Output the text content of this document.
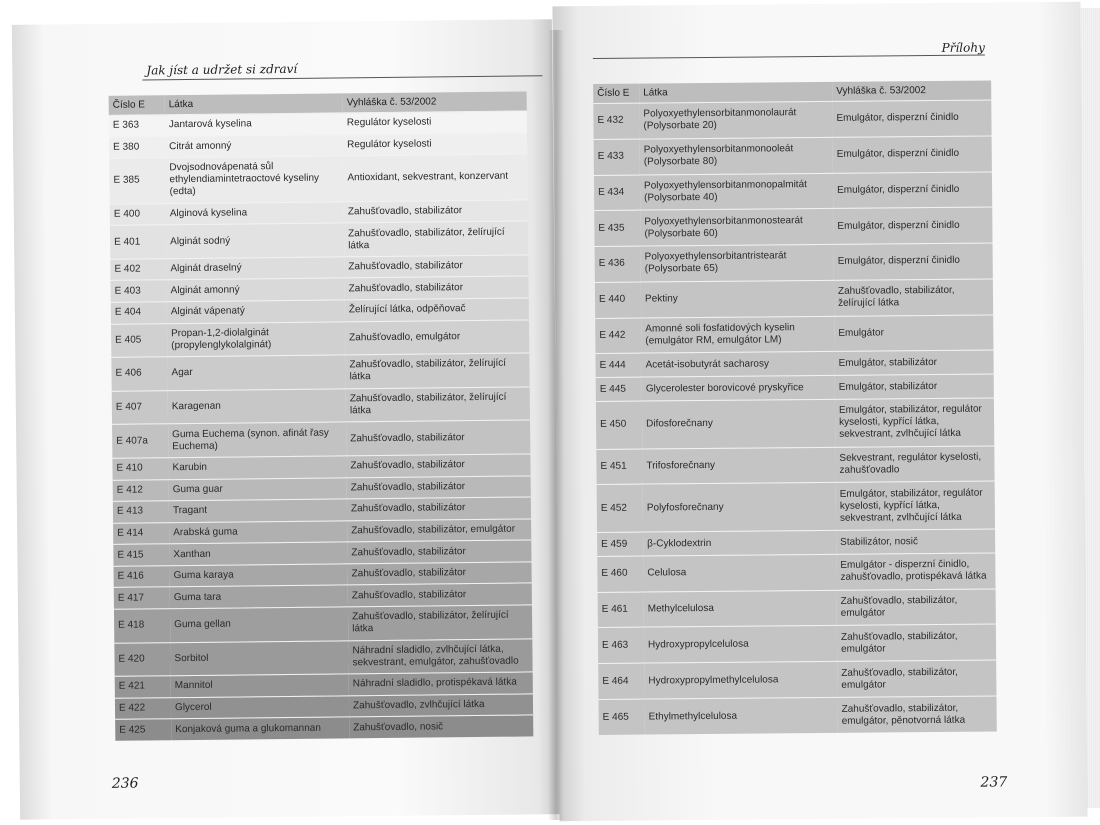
Jak jíst a udržet si zdraví
Číslo E	Látka	Vyhláška č. 53/2002
E 363	Jantarová kyselina	Regulátor kyselosti
E 380	Citrát amonný	Regulátor kyselosti
E 385	Dvojsodnovápenatá sůl ethylendiamintetraoctové kyseliny (edta)	Antioxidant, sekvestrant, konzervant
E 400	Alginová kyselina	Zahušťovadlo, stabilizátor
E 401	Alginát sodný	Zahušťovadlo, stabilizátor, želírující látka
E 402	Alginát draselný	Zahušťovadlo, stabilizátor
E 403	Alginát amonný	Zahušťovadlo, stabilizátor
E 404	Alginát vápenatý	Želírující látka, odpěňovač
E 405	Propan-1,2-diolalginát (propylenglykolalginát)	Zahušťovadlo, emulgátor
E 406	Agar	Zahušťovadlo, stabilizátor, želírující látka
E 407	Karagenan	Zahušťovadlo, stabilizátor, želírující látka
E 407a	Guma Euchema (synon. afinát řasy Euchema)	Zahušťovadlo, stabilizátor
E 410	Karubin	Zahušťovadlo, stabilizátor
E 412	Guma guar	Zahušťovadlo, stabilizátor
E 413	Tragant	Zahušťovadlo, stabilizátor
E 414	Arabská guma	Zahušťovadlo, stabilizátor, emulgátor
E 415	Xanthan	Zahušťovadlo, stabilizátor
E 416	Guma karaya	Zahušťovadlo, stabilizátor
E 417	Guma tara	Zahušťovadlo, stabilizátor
E 418	Guma gellan	Zahušťovadlo, stabilizátor, želírující látka
E 420	Sorbitol	Náhradní sladidlo, zvlhčující látka, sekvestrant, emulgátor, zahušťovadlo
E 421	Mannitol	Náhradní sladidlo, protispékavá látka
E 422	Glycerol	Zahušťovadlo, zvlhčující látka
E 425	Konjaková guma a glukomannan	Zahušťovadlo, nosič
236
Přílohy
Číslo E	Látka	Vyhláška č. 53/2002
E 432	Polyoxyethylensorbitanmonolaurát (Polysorbate 20)	Emulgátor, disperzní činidlo
E 433	Polyoxyethylensorbitanmonooleát (Polysorbate 80)	Emulgátor, disperzní činidlo
E 434	Polyoxyethylensorbitanmonopalmitát (Polysorbate 40)	Emulgátor, disperzní činidlo
E 435	Polyoxyethylensorbitanmonostearát (Polysorbate 60)	Emulgátor, disperzní činidlo
E 436	Polyoxyethylensorbitantristearát (Polysorbate 65)	Emulgátor, disperzní činidlo
E 440	Pektiny	Zahušťovadlo, stabilizátor, želírující látka
E 442	Amonné soli fosfatidových kyselin (emulgátor RM, emulgátor LM)	Emulgátor
E 444	Acetát-isobutyrát sacharosy	Emulgátor, stabilizátor
E 445	Glycerolester borovicové pryskyřice	Emulgátor, stabilizátor
E 450	Difosforečnany	Emulgátor, stabilizátor, regulátor kyselosti, kypřící látka, sekvestrant, zvlhčující látka
E 451	Trifosforečnany	Sekvestrant, regulátor kyselosti, zahušťovadlo
E 452	Polyfosforečnany	Emulgátor, stabilizátor, regulátor kyselosti, kypřící látka, sekvestrant, zvlhčující látka
E 459	β-Cyklodextrin	Stabilizátor, nosič
E 460	Celulosa	Emulgátor - disperzní činidlo, zahušťovadlo, protispékavá látka
E 461	Methylcelulosa	Zahušťovadlo, stabilizátor, emulgátor
E 463	Hydroxypropylcelulosa	Zahušťovadlo, stabilizátor, emulgátor
E 464	Hydroxypropylmethylcelulosa	Zahušťovadlo, stabilizátor, emulgátor
E 465	Ethylmethylcelulosa	Zahušťovadlo, stabilizátor, emulgátor, pěnotvorná látka
237
